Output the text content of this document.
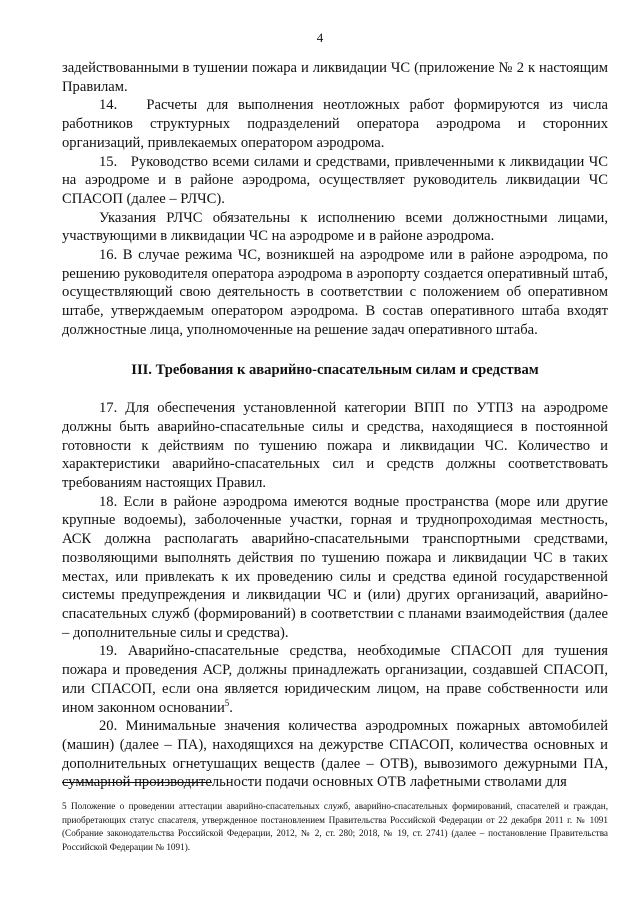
4

задействованными в тушении пожара и ликвидации ЧС (приложение № 2 к настоящим Правилам.

14.   Расчеты для выполнения неотложных работ формируются из числа работников структурных подразделений оператора аэродрома и сторонних организаций, привлекаемых оператором аэродрома.

15.   Руководство всеми силами и средствами, привлеченными к ликвидации ЧС на аэродроме и в районе аэродрома, осуществляет руководитель ликвидации ЧС СПАСОП (далее – РЛЧС).

Указания РЛЧС обязательны к исполнению всеми должностными лицами, участвующими в ликвидации ЧС на аэродроме и в районе аэродрома.

16. В случае режима ЧС, возникшей на аэродроме или в районе аэродрома, по решению руководителя оператора аэродрома в аэропорту создается оперативный штаб, осуществляющий свою деятельность в соответствии с положением об оперативном штабе, утверждаемым оператором аэродрома. В состав оперативного штаба входят должностные лица, уполномоченные на решение задач оперативного штаба.

III. Требования к аварийно-спасательным силам и средствам

17. Для обеспечения установленной категории ВПП по УТПЗ на аэродроме должны быть аварийно-спасательные силы и средства, находящиеся в постоянной готовности к действиям по тушению пожара и ликвидации ЧС. Количество и характеристики аварийно-спасательных сил и средств должны соответствовать требованиям настоящих Правил.

18. Если в районе аэродрома имеются водные пространства (море или другие крупные водоемы), заболоченные участки, горная и труднопроходимая местность, АСК должна располагать аварийно-спасательными транспортными средствами, позволяющими выполнять действия по тушению пожара и ликвидации ЧС в таких местах, или привлекать к их проведению силы и средства единой государственной системы предупреждения и ликвидации ЧС и (или) других организаций, аварийно-спасательных служб (формирований) в соответствии с планами взаимодействия (далее – дополнительные силы и средства).

19. Аварийно-спасательные средства, необходимые СПАСОП для тушения пожара и проведения АСР, должны принадлежать организации, создавшей СПАСОП, или СПАСОП, если она является юридическим лицом, на праве собственности или ином законном основании$^5$.

20. Минимальные значения количества аэродромных пожарных автомобилей (машин) (далее – ПА), находящихся на дежурстве СПАСОП, количества основных и дополнительных огнетушащих веществ (далее – ОТВ), вывозимого дежурными ПА, суммарной производительности подачи основных ОТВ лафетными стволами для

5 Положение о проведении аттестации аварийно-спасательных служб, аварийно-спасательных формирований, спасателей и граждан, приобретающих статус спасателя, утвержденное постановлением Правительства Российской Федерации от 22 декабря 2011 г. № 1091 (Собрание законодательства Российской Федерации, 2012, № 2, ст. 280; 2018, № 19, ст. 2741) (далее – постановление Правительства Российской Федерации № 1091).
